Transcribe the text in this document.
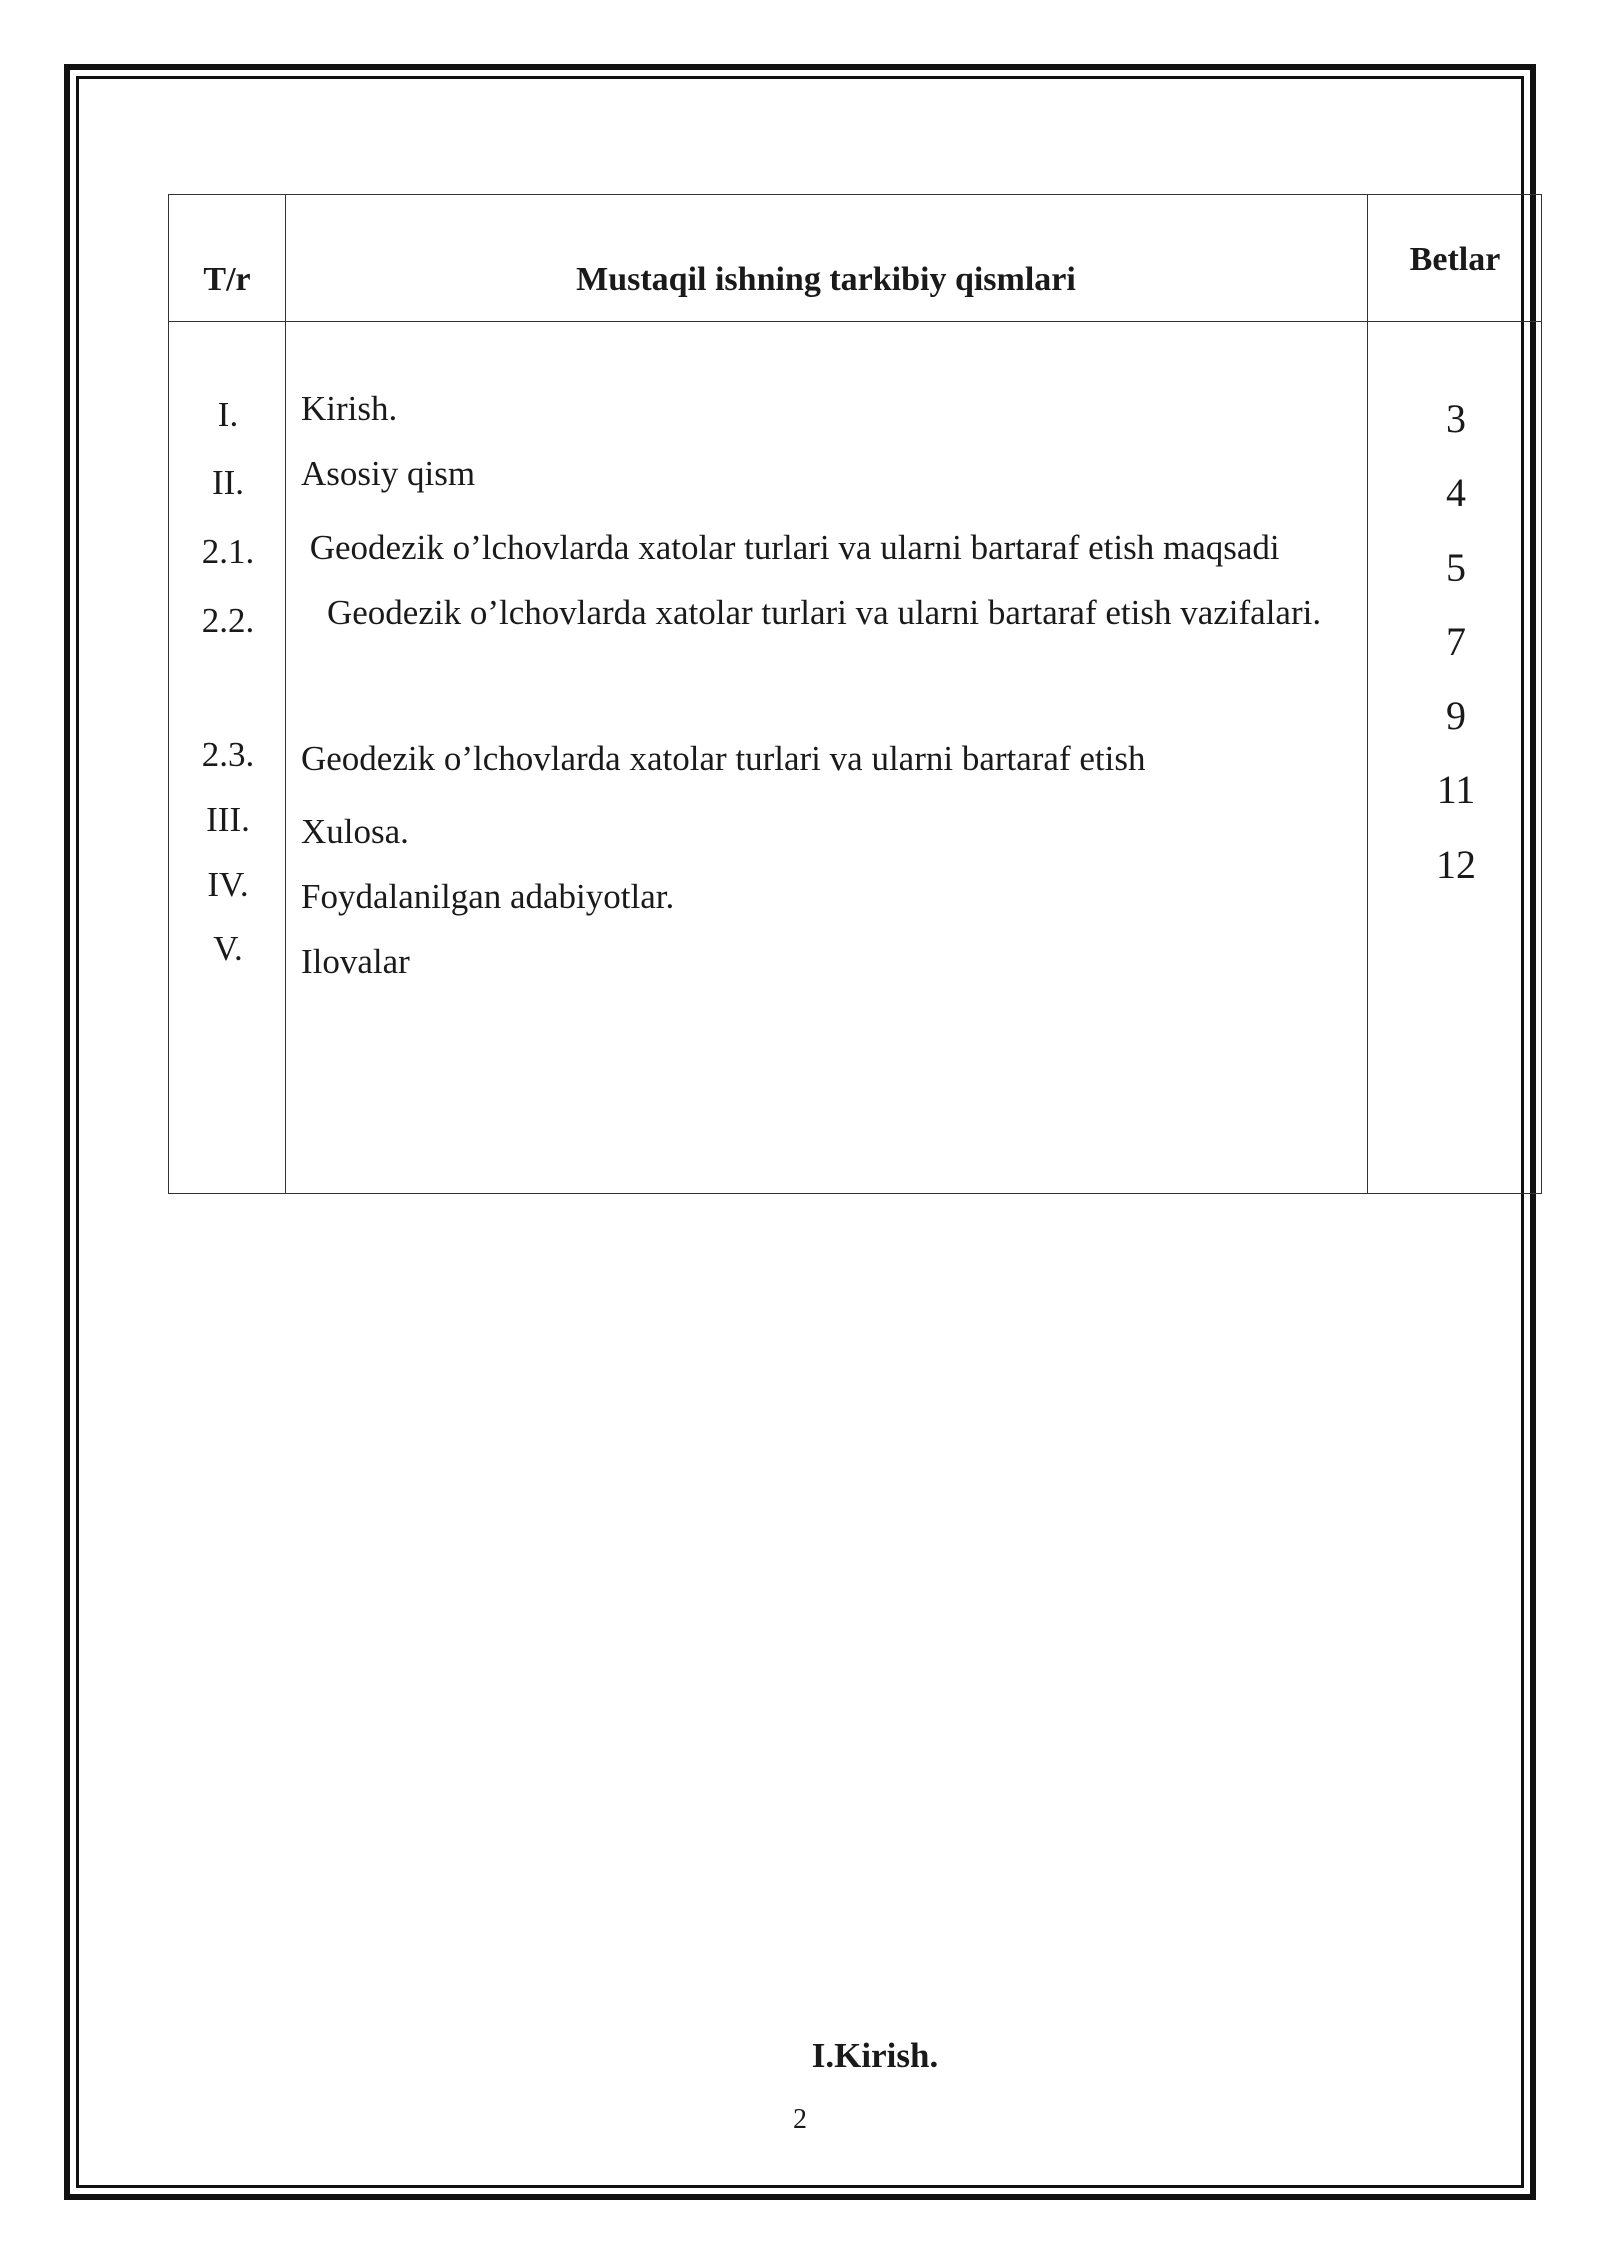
T/r	Mustaqil ishning tarkibiy qismlari
Betlar
I.
II.
2.1.
2.2.
2.3.
III.
IV.
V.
Kirish.
Asosiy qism
Geodezik o’lchovlarda xatolar turlari va ularni bartaraf etish maqsadi
Geodezik o’lchovlarda xatolar turlari va ularni bartaraf etish vazifalari.
Geodezik o’lchovlarda xatolar turlari va ularni bartaraf etish
Xulosa.
Foydalanilgan adabiyotlar.
Ilovalar
3
4
5
7
9
11
12
I.Kirish.
2
